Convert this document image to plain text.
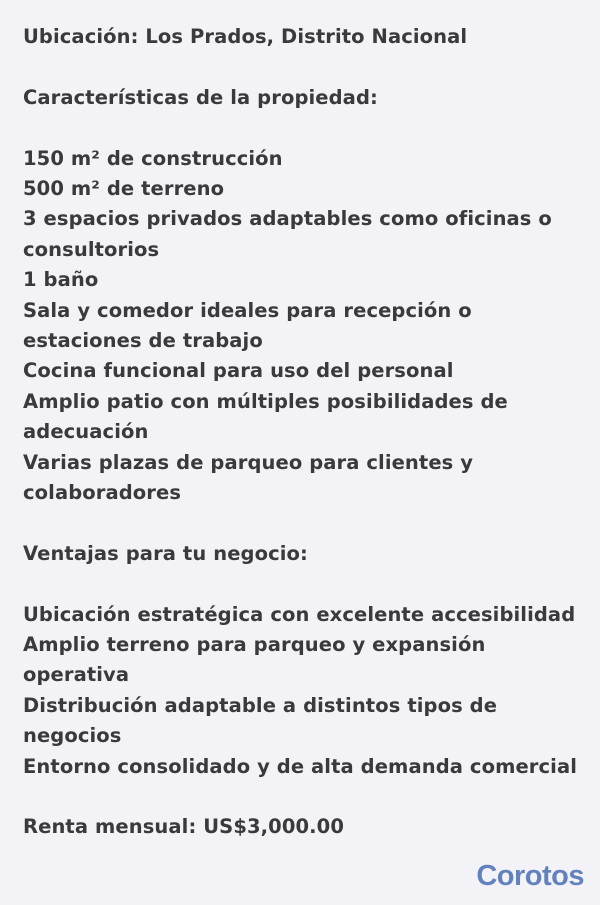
Ubicación: Los Prados, Distrito Nacional
Características de la propiedad:
150 m² de construcción
500 m² de terreno
3 espacios privados adaptables como oficinas o consultorios
1 baño
Sala y comedor ideales para recepción o estaciones de trabajo
Cocina funcional para uso del personal
Amplio patio con múltiples posibilidades de adecuación
Varias plazas de parqueo para clientes y colaboradores
Ventajas para tu negocio:
Ubicación estratégica con excelente accesibilidad
Amplio terreno para parqueo y expansión operativa
Distribución adaptable a distintos tipos de negocios
Entorno consolidado y de alta demanda comercial
Renta mensual: US$3,000.00
Corotos
